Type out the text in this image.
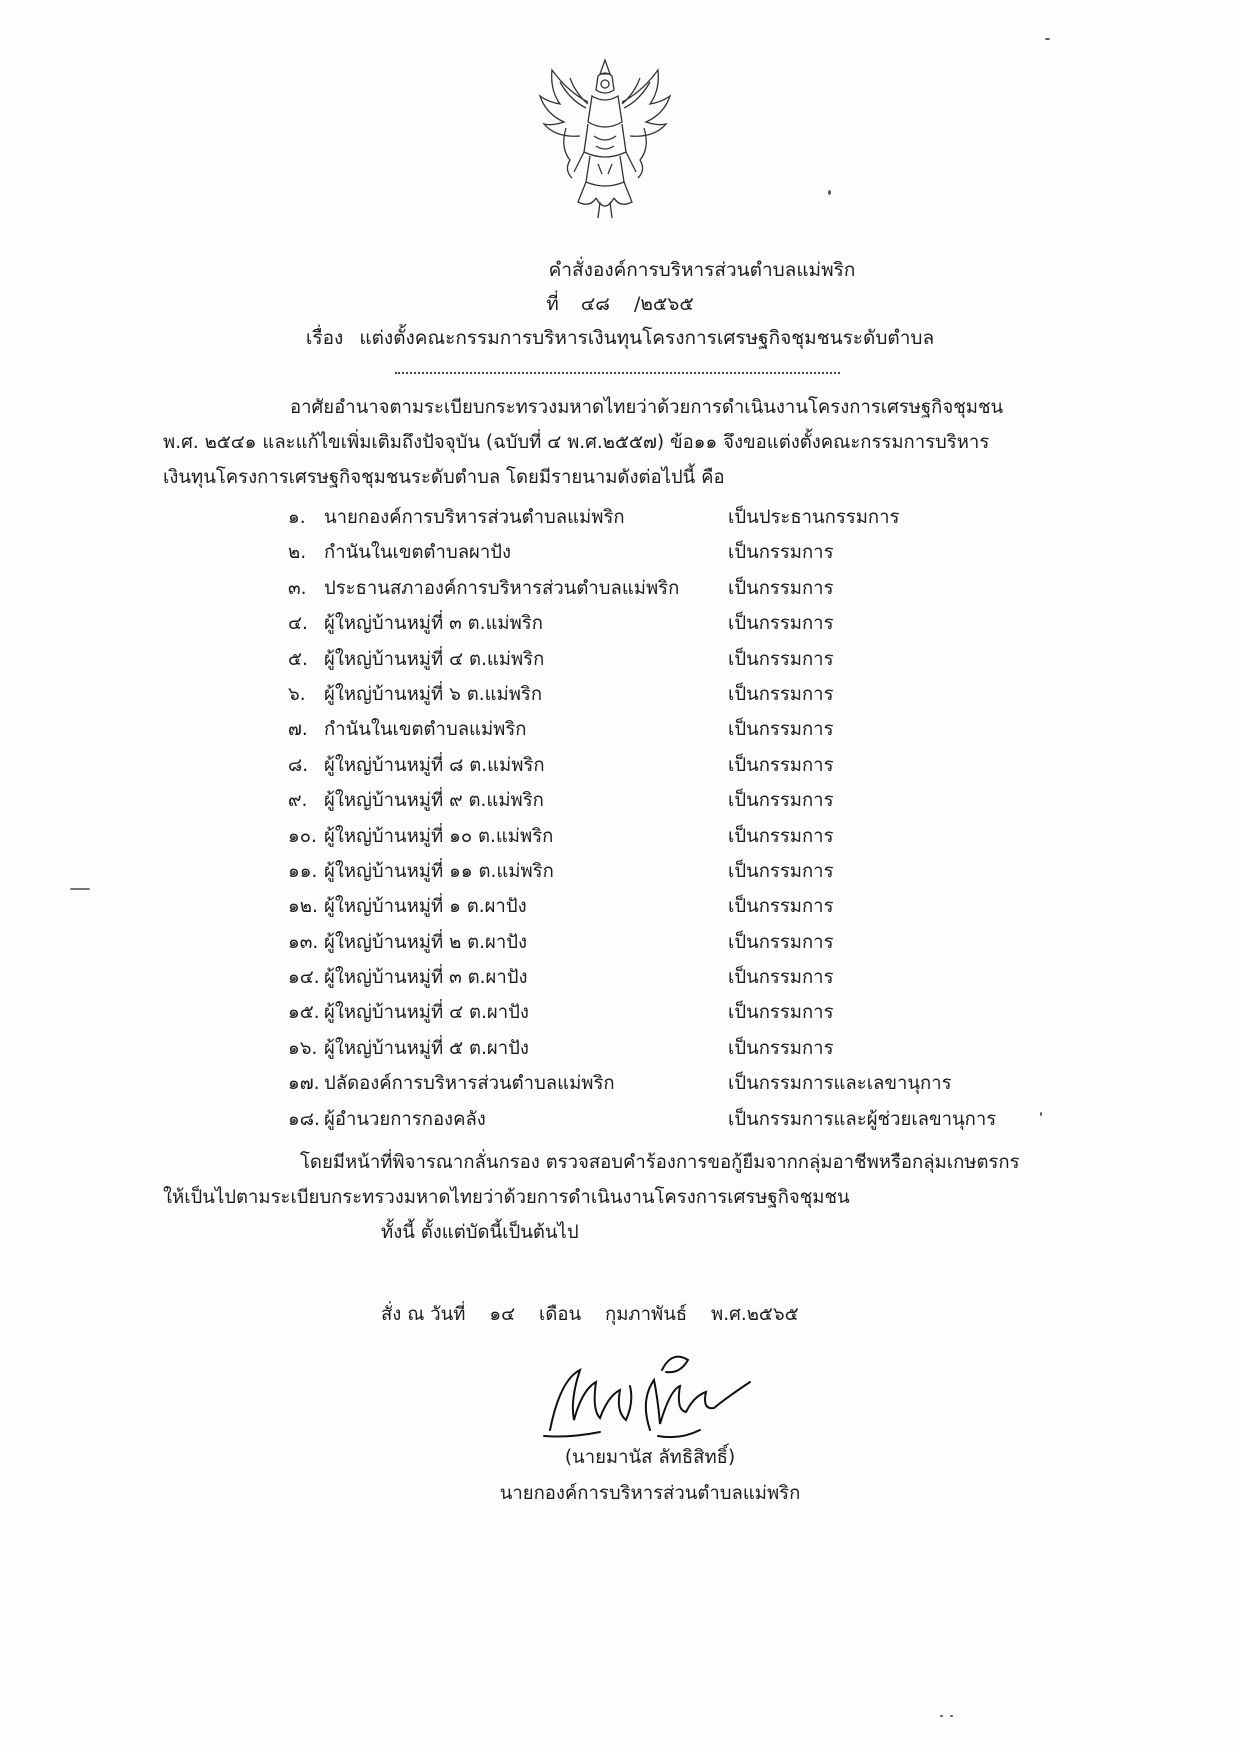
คำสั่งองค์การบริหารส่วนตำบลแม่พริก
ที่ ๔๘ /๒๕๖๕
เรื่อง แต่งตั้งคณะกรรมการบริหารเงินทุนโครงการเศรษฐกิจชุมชนระดับตำบล
อาศัยอำนาจตามระเบียบกระทรวงมหาดไทยว่าด้วยการดำเนินงานโครงการเศรษฐกิจชุมชน
พ.ศ. ๒๕๔๑ และแก้ไขเพิ่มเติมถึงปัจจุบัน (ฉบับที่ ๔ พ.ศ.๒๕๕๗) ข้อ๑๑ จึงขอแต่งตั้งคณะกรรมการบริหาร
เงินทุนโครงการเศรษฐกิจชุมชนระดับตำบล โดยมีรายนามดังต่อไปนี้ คือ
๑. นายกองค์การบริหารส่วนตำบลแม่พริก	เป็นประธานกรรมการ
๒. กำนันในเขตตำบลผาปัง	เป็นกรรมการ
๓. ประธานสภาองค์การบริหารส่วนตำบลแม่พริก	เป็นกรรมการ
๔. ผู้ใหญ่บ้านหมู่ที่ ๓ ต.แม่พริก	เป็นกรรมการ
๕. ผู้ใหญ่บ้านหมู่ที่ ๔ ต.แม่พริก	เป็นกรรมการ
๖. ผู้ใหญ่บ้านหมู่ที่ ๖ ต.แม่พริก	เป็นกรรมการ
๗. กำนันในเขตตำบลแม่พริก	เป็นกรรมการ
๘. ผู้ใหญ่บ้านหมู่ที่ ๘ ต.แม่พริก	เป็นกรรมการ
๙. ผู้ใหญ่บ้านหมู่ที่ ๙ ต.แม่พริก	เป็นกรรมการ
๑๐. ผู้ใหญ่บ้านหมู่ที่ ๑๐ ต.แม่พริก	เป็นกรรมการ
๑๑. ผู้ใหญ่บ้านหมู่ที่ ๑๑ ต.แม่พริก	เป็นกรรมการ
๑๒. ผู้ใหญ่บ้านหมู่ที่ ๑ ต.ผาปัง	เป็นกรรมการ
๑๓. ผู้ใหญ่บ้านหมู่ที่ ๒ ต.ผาปัง	เป็นกรรมการ
๑๔. ผู้ใหญ่บ้านหมู่ที่ ๓ ต.ผาปัง	เป็นกรรมการ
๑๕. ผู้ใหญ่บ้านหมู่ที่ ๔ ต.ผาปัง	เป็นกรรมการ
๑๖. ผู้ใหญ่บ้านหมู่ที่ ๕ ต.ผาปัง	เป็นกรรมการ
๑๗. ปลัดองค์การบริหารส่วนตำบลแม่พริก	เป็นกรรมการและเลขานุการ
๑๘. ผู้อำนวยการกองคลัง	เป็นกรรมการและผู้ช่วยเลขานุการ
โดยมีหน้าที่พิจารณากลั่นกรอง ตรวจสอบคำร้องการขอกู้ยืมจากกลุ่มอาชีพหรือกลุ่มเกษตรกร
ให้เป็นไปตามระเบียบกระทรวงมหาดไทยว่าด้วยการดำเนินงานโครงการเศรษฐกิจชุมชน
ทั้งนี้ ตั้งแต่บัดนี้เป็นต้นไป
สั่ง ณ วันที่ ๑๔ เดือน กุมภาพันธ์ พ.ศ.๒๕๖๕
(นายมานัส ลัทธิสิทธิ์)
นายกองค์การบริหารส่วนตำบลแม่พริก
